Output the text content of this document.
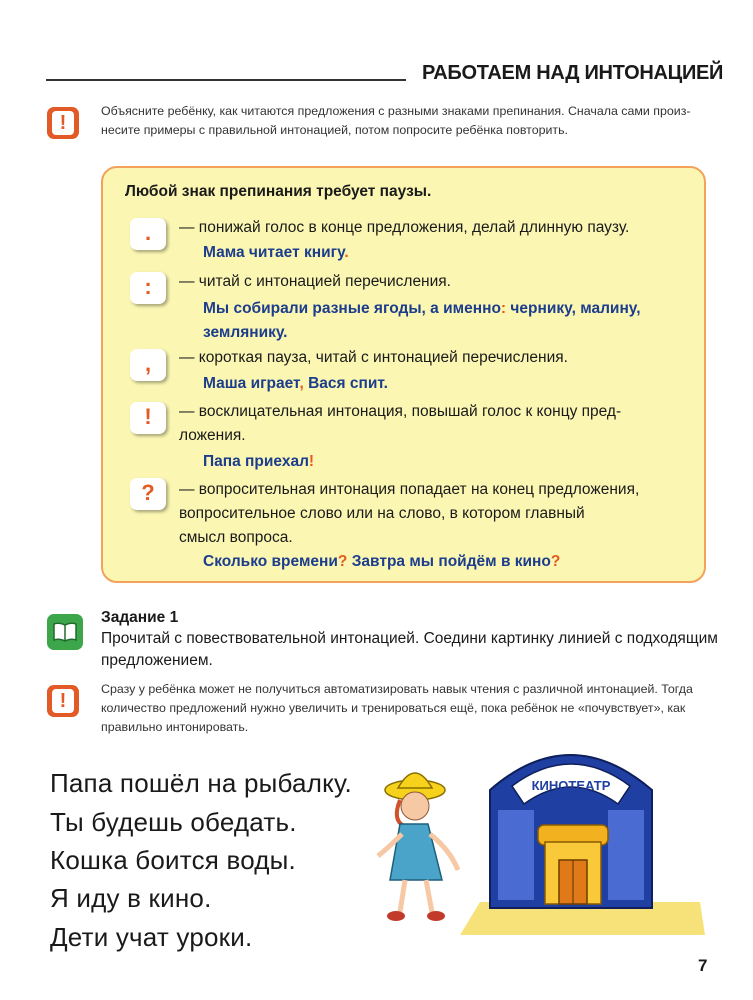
РАБОТАЕМ НАД ИНТОНАЦИЕЙ
!
Объясните ребёнку, как читаются предложения с разными знаками препинания. Сначала сами произ-
несите примеры с правильной интонацией, потом попросите ребёнка повторить.
Любой знак препинания требует паузы.
.	— понижай голос в конце предложения, делай длинную паузу.
Мама читает книгу.
:	— читай с интонацией перечисления.
Мы собирали разные ягоды, а именно: чернику, малину,
землянику.
,	— короткая пауза, читай с интонацией перечисления.
Маша играет, Вася спит.
!	— восклицательная интонация, повышай голос к концу пред-
ложения.
Папа приехал!
?	— вопросительная интонация попадает на конец предложения,
вопросительное слово или на слово, в котором главный
смысл вопроса.
Сколько времени? Завтра мы пойдём в кино?
Задание 1
Прочитай с повествовательной интонацией. Соедини картинку линией с подходящим предложением.
!
Сразу у ребёнка может не получиться автоматизировать навык чтения с различной интонацией. Тогда
количество предложений нужно увеличить и тренироваться ещё, пока ребёнок не «почувствует», как
правильно интонировать.
Папа пошёл на рыбалку.
Ты будешь обедать.
Кошка боится воды.
Я иду в кино.
Дети учат уроки.
КИНОТЕАТР
7
